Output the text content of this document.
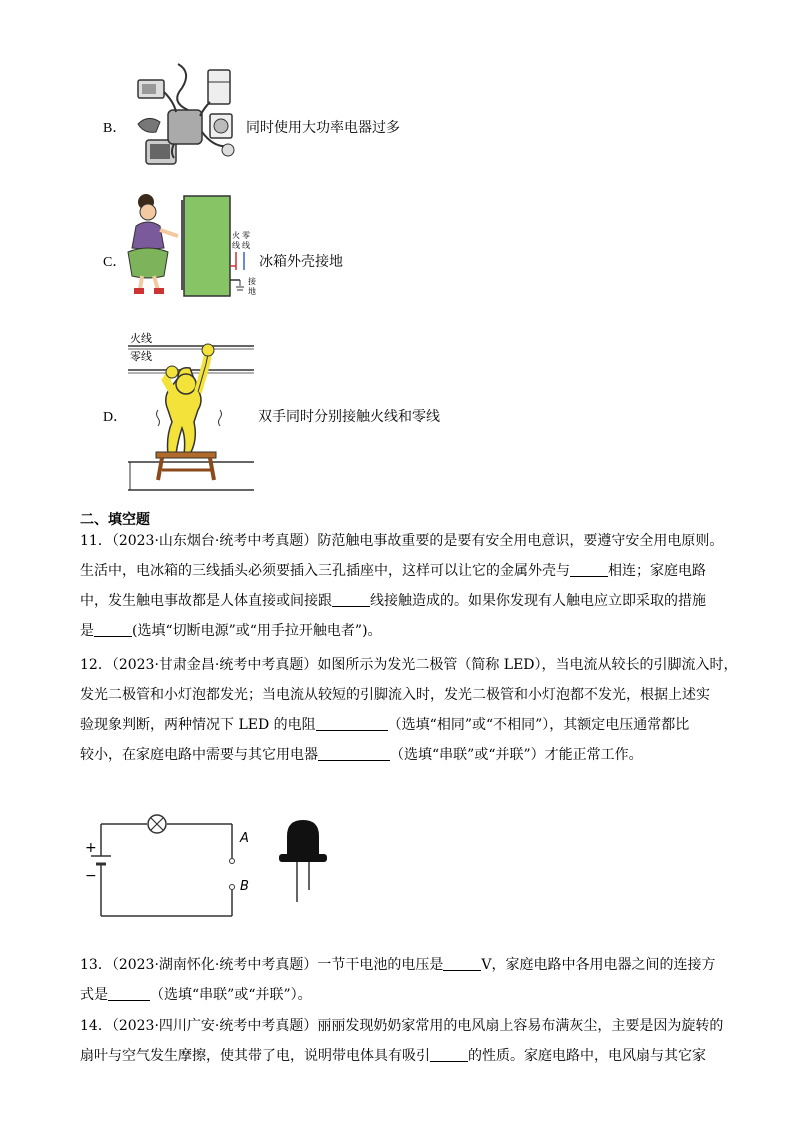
B．	同时使用大功率电器过多
C．
火 零
线 线
接
地
冰箱外壳接地
D．
火线
零线
双手同时分别接触火线和零线
二、填空题
11．（2023·山东烟台·统考中考真题）防范触电事故重要的是要有安全用电意识，要遵守安全用电原则。
生活中，电冰箱的三线插头必须要插入三孔插座中，这样可以让它的金属外壳与	相连；家庭电路
中，发生触电事故都是人体直接或间接跟	线接触造成的。如果你发现有人触电应立即采取的措施
是	(选填“切断电源”或“用手拉开触电者”)。
12．（2023·甘肃金昌·统考中考真题）如图所示为发光二极管（简称 LED），当电流从较长的引脚流入时，
发光二极管和小灯泡都发光；当电流从较短的引脚流入时，发光二极管和小灯泡都不发光，根据上述实
验现象判断，两种情况下 LED 的电阻	（选填“相同”或“不相同”），其额定电压通常都比
较小，在家庭电路中需要与其它用电器	（选填“串联”或“并联”）才能正常工作。
A
B
+
−
13．（2023·湖南怀化·统考中考真题）一节干电池的电压是	V，家庭电路中各用电器之间的连接方
式是	（选填“串联”或“并联”）。
14．（2023·四川广安·统考中考真题）丽丽发现奶奶家常用的电风扇上容易布满灰尘，主要是因为旋转的
扇叶与空气发生摩擦，使其带了电，说明带电体具有吸引	的性质。家庭电路中，电风扇与其它家
